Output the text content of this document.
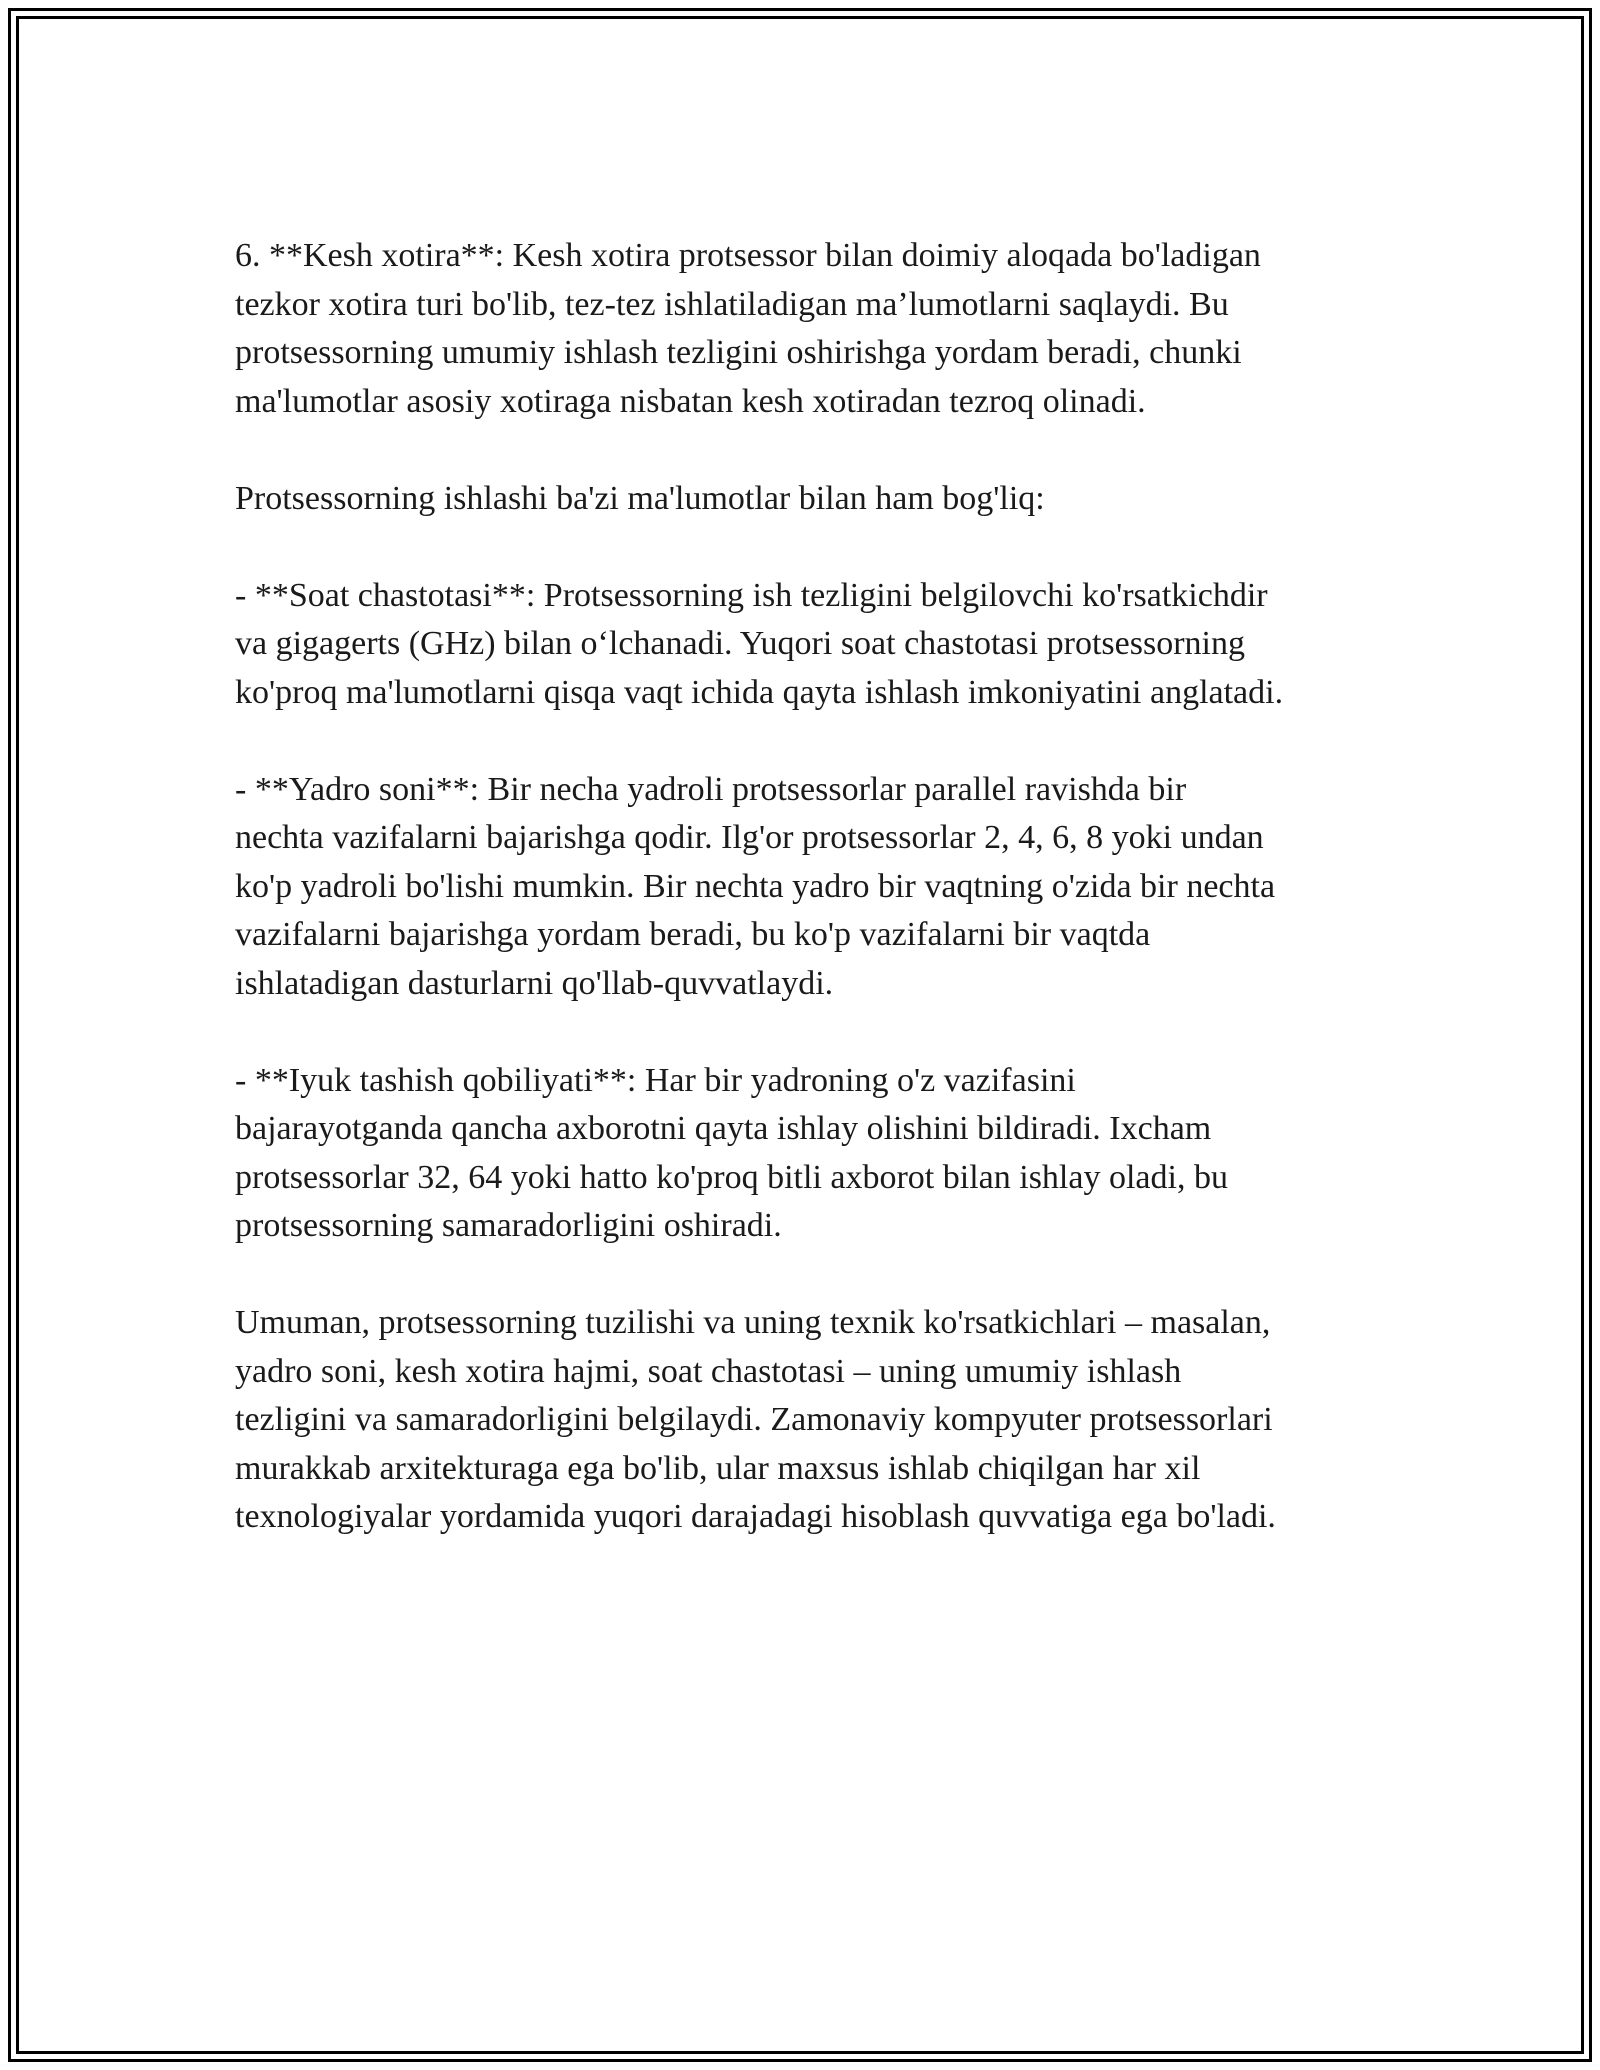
6. **Kesh xotira**: Kesh xotira protsessor bilan doimiy aloqada bo'ladigan
tezkor xotira turi bo'lib, tez-tez ishlatiladigan ma’lumotlarni saqlaydi. Bu
protsessorning umumiy ishlash tezligini oshirishga yordam beradi, chunki
ma'lumotlar asosiy xotiraga nisbatan kesh xotiradan tezroq olinadi.

Protsessorning ishlashi ba'zi ma'lumotlar bilan ham bog'liq:

- **Soat chastotasi**: Protsessorning ish tezligini belgilovchi ko'rsatkichdir
va gigagerts (GHz) bilan oʻlchanadi. Yuqori soat chastotasi protsessorning
ko'proq ma'lumotlarni qisqa vaqt ichida qayta ishlash imkoniyatini anglatadi.

- **Yadro soni**: Bir necha yadroli protsessorlar parallel ravishda bir
nechta vazifalarni bajarishga qodir. Ilg'or protsessorlar 2, 4, 6, 8 yoki undan
ko'p yadroli bo'lishi mumkin. Bir nechta yadro bir vaqtning o'zida bir nechta
vazifalarni bajarishga yordam beradi, bu ko'p vazifalarni bir vaqtda
ishlatadigan dasturlarni qo'llab-quvvatlaydi.

- **Iyuk tashish qobiliyati**: Har bir yadroning o'z vazifasini
bajarayotganda qancha axborotni qayta ishlay olishini bildiradi. Ixcham
protsessorlar 32, 64 yoki hatto ko'proq bitli axborot bilan ishlay oladi, bu
protsessorning samaradorligini oshiradi.

Umuman, protsessorning tuzilishi va uning texnik ko'rsatkichlari – masalan,
yadro soni, kesh xotira hajmi, soat chastotasi – uning umumiy ishlash
tezligini va samaradorligini belgilaydi. Zamonaviy kompyuter protsessorlari
murakkab arxitekturaga ega bo'lib, ular maxsus ishlab chiqilgan har xil
texnologiyalar yordamida yuqori darajadagi hisoblash quvvatiga ega bo'ladi.
